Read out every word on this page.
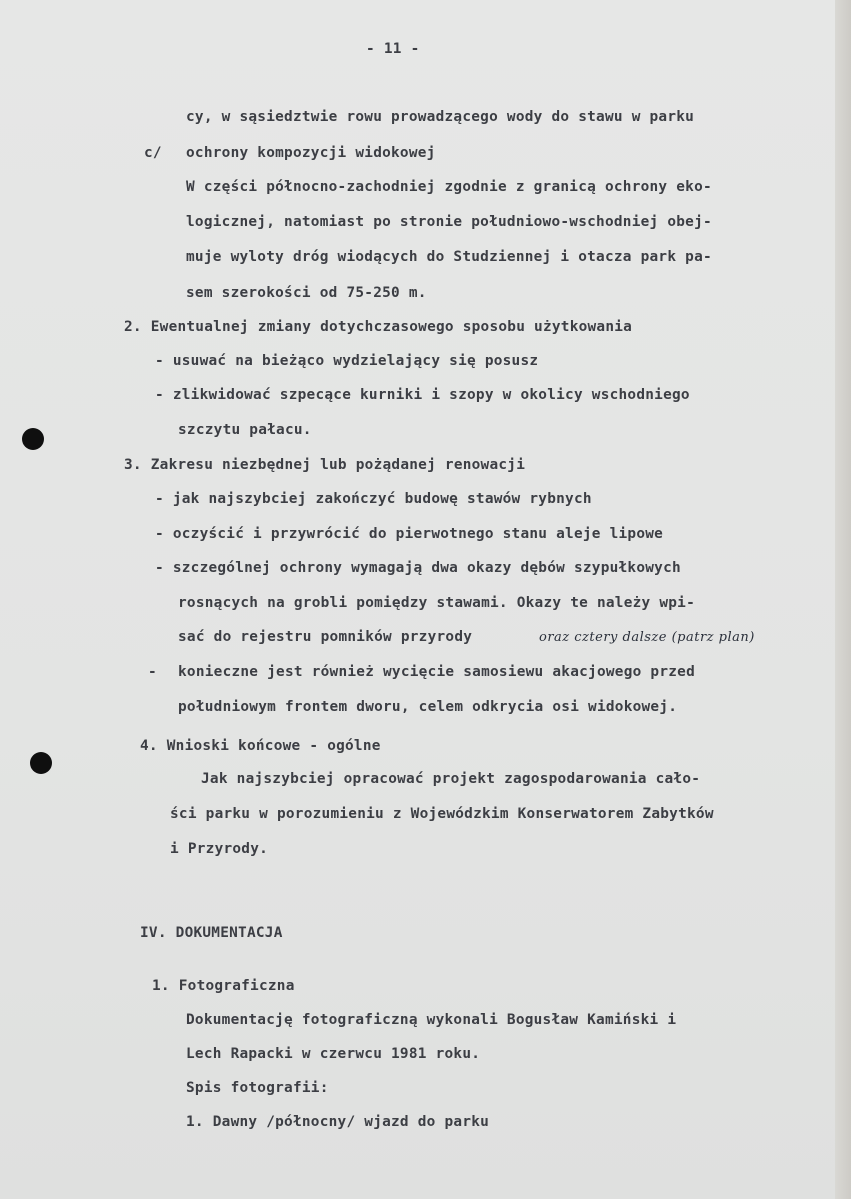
- 11 -
cy, w sąsiedztwie rowu prowadzącego wody do stawu w parku
c/ ochrony kompozycji widokowej
W części północno-zachodniej zgodnie z granicą ochrony eko-
logicznej, natomiast po stronie południowo-wschodniej obej-
muje wyloty dróg wiodących do Studziennej i otacza park pa-
sem szerokości od 75-250 m.
2. Ewentualnej zmiany dotychczasowego sposobu użytkowania
- usuwać na bieżąco wydzielający się posusz
- zlikwidować szpecące kurniki i szopy w okolicy wschodniego
szczytu pałacu.
3. Zakresu niezbędnej lub pożądanej renowacji
- jak najszybciej zakończyć budowę stawów rybnych
- oczyścić i przywrócić do pierwotnego stanu aleje lipowe
- szczególnej ochrony wymagają dwa okazy dębów szypułkowych
rosnących na grobli pomiędzy stawami. Okazy te należy wpi-
sać do rejestru pomników przyrody	oraz cztery dalsze (patrz plan)
- konieczne jest również wycięcie samosiewu akacjowego przed
południowym frontem dworu, celem odkrycia osi widokowej.
4. Wnioski końcowe - ogólne
Jak najszybciej opracować projekt zagospodarowania cało-
ści parku w porozumieniu z Wojewódzkim Konserwatorem Zabytków
i Przyrody.
IV. DOKUMENTACJA
1. Fotograficzna
Dokumentację fotograficzną wykonali Bogusław Kamiński i
Lech Rapacki w czerwcu 1981 roku.
Spis fotografii:
1. Dawny /północny/ wjazd do parku
